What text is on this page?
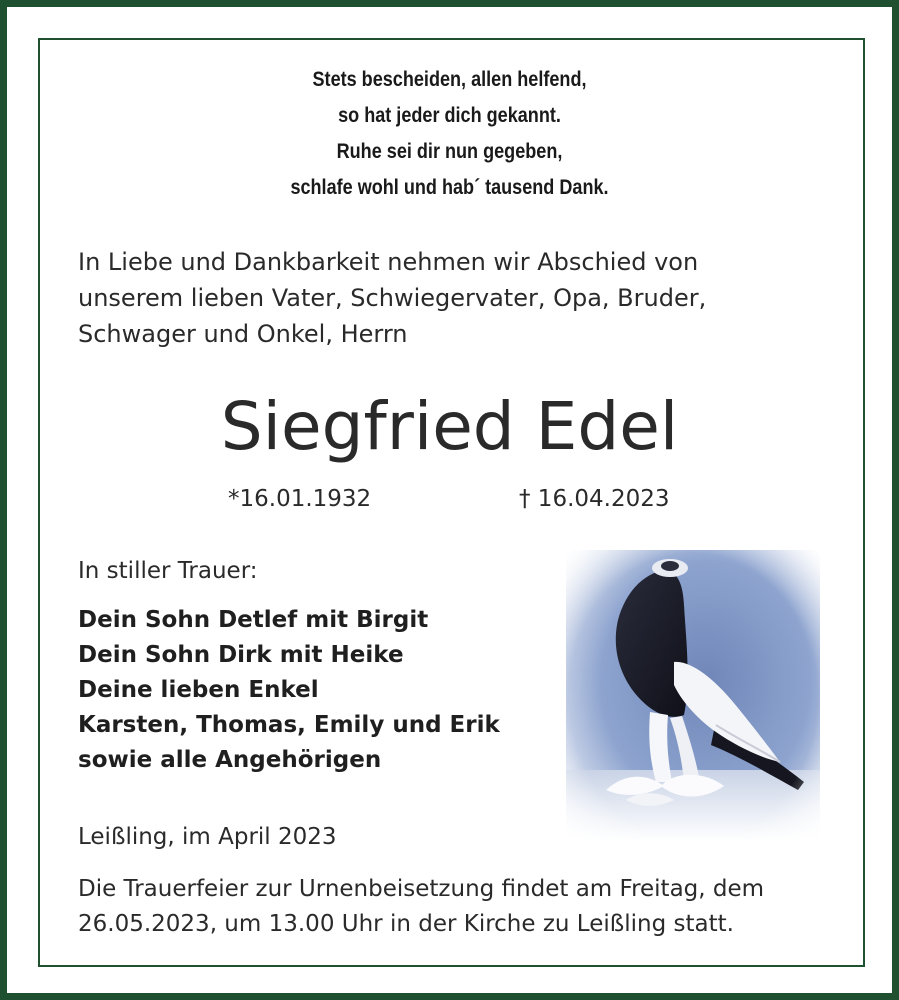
Stets bescheiden, allen helfend,
so hat jeder dich gekannt.
Ruhe sei dir nun gegeben,
schlafe wohl und hab´ tausend Dank.
In Liebe und Dankbarkeit nehmen wir Abschied von
unserem lieben Vater, Schwiegervater, Opa, Bruder,
Schwager und Onkel, Herrn
Siegfried Edel
*16.01.1932	† 16.04.2023
In stiller Trauer:
Dein Sohn Detlef mit Birgit
Dein Sohn Dirk mit Heike
Deine lieben Enkel
Karsten, Thomas, Emily und Erik
sowie alle Angehörigen
Leißling, im April 2023
Die Trauerfeier zur Urnenbeisetzung findet am Freitag, dem
26.05.2023, um 13.00 Uhr in der Kirche zu Leißling statt.
